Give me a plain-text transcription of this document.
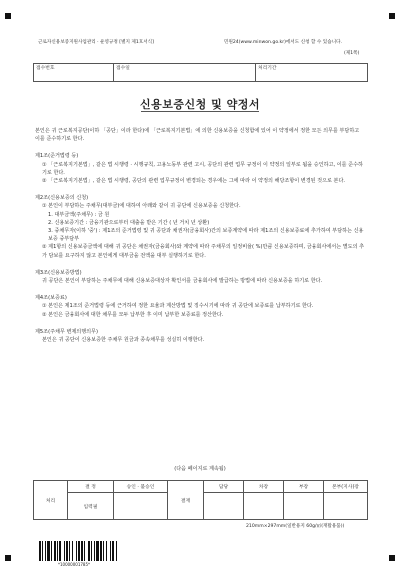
근로자신용보증지원사업관리 · 운영규정 [별지 제1호서식]	민원24(www.minwon.go.kr)에서도 신청 할 수 있습니다.
(제1쪽)
접수번호	접수일	처리기간
신용보증신청 및 약정서

본인은 귀 근로복지공단(이하 「공단」이라 한다)에 「근로복지기본법」에 의한 신용보증을 신청함에 있어 이 약정에서 정한 모든 의무를 부담하고 이를 준수하기로 한다.

제1조(준거법령 등)
① 「근로복지기본법」, 같은 법 시행령 · 시행규칙, 고용노동부 관련 고시, 공단의 관련 업무 규정이 이 약정의 일부로 됨을 승인하고, 이를 준수하기로 한다.
② 「근로복지기본법」, 같은 법 시행령, 공단의 관련 업무규정이 변경되는 경우에는 그에 따라 이 약정의 해당조항이 변경된 것으로 본다.
제2조(신용보증의 신청)
① 본인이 부담하는 주채무(대부금)에 대하여 아래와 같이 귀 공단에 신용보증을 신청한다.
1. 대부금액(주채무) : 금 원
2. 신용보증기간 : 금융기관으로부터 대출을 받은 기간 ( 년 거치 년 상환)
3. 중채무자(이하 '중') : 제1조의 준거법령 및 귀 공단과 채권자(금융회사)간의 보증계약에 따라 제1조의 신용보증료에 추가하여 부담하는 신용보증 중부담부
② 제1항의 신용보증금액에 대해 귀 공단은 채권자(금융회사)와 계약에 따라 주채무의 일정비율( %)만큼 신용보증하며, 금융회사에서는 별도의 추가 담보를 요구하지 않고 본인에게 대부금을 전액을 대부 실행하기로 한다.
제3조(신용보증방법)
귀 공단은 본인이 부담하는 주채무에 대해 신용보증대상자 확인서를 금융회사에 발급하는 방법에 따라 신용보증을 하기로 한다.
제4조(보증료)
① 본인은 제1조의 준거법령 등에 근거하여 정한 요율과 계산방법 및 징수시기에 따라 귀 공단에 보증료를 납부하기로 한다.
② 본인은 금융회사에 대한 채무를 모두 납부한 후 이미 납부한 보증료를 정산한다.
제5조(주채무 변제의행의무)
본인은 귀 공단이 신용보증한 주채무 원금과 종속채무를 성실히 이행한다.
(다음 페이지로 계속됨)
처리	결 정	승인 · 불승인	결재	담당	차장	부장	본부(지사)장
	입력필						
210mm×297mm(일반용지 60g/㎡(재활용품))
*10000001785*
